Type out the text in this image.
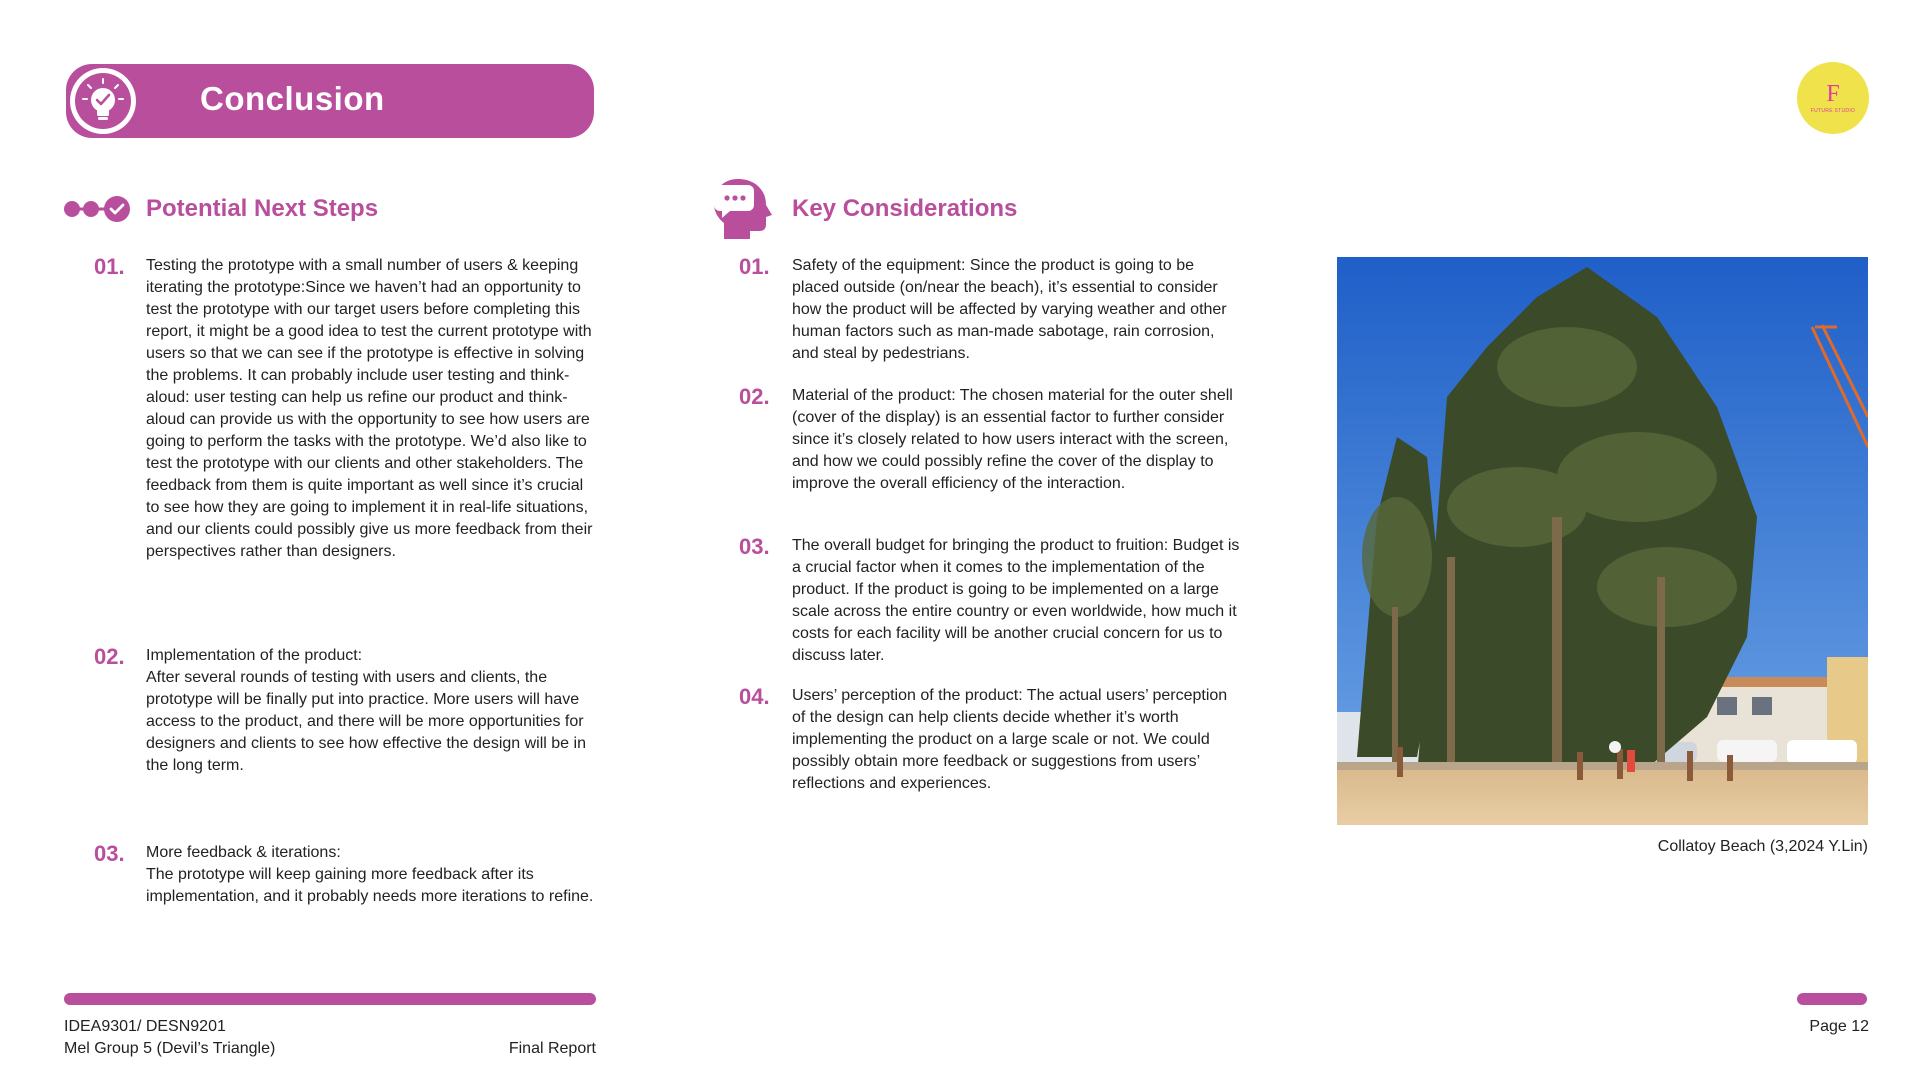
Conclusion	F
FUTURE STUDIO
Potential Next Steps
01. Testing the prototype with a small number of users & keeping iterating the prototype:Since we haven’t had an opportunity to test the prototype with our target users before completing this report, it might be a good idea to test the current prototype with users so that we can see if the prototype is effective in solving the problems. It can probably include user testing and think-aloud: user testing can help us refine our product and think-aloud can provide us with the opportunity to see how users are going to perform the tasks with the prototype. We’d also like to test the prototype with our clients and other stakeholders. The feedback from them is quite important as well since it’s crucial to see how they are going to implement it in real-life situations, and our clients could possibly give us more feedback from their perspectives rather than designers.
02. Implementation of the product:
After several rounds of testing with users and clients, the prototype will be finally put into practice. More users will have access to the product, and there will be more opportunities for designers and clients to see how effective the design will be in the long term.
03. More feedback & iterations:
The prototype will keep gaining more feedback after its implementation, and it probably needs more iterations to refine.
Key Considerations
01. Safety of the equipment: Since the product is going to be placed outside (on/near the beach), it’s essential to consider how the product will be affected by varying weather and other human factors such as man-made sabotage, rain corrosion, and steal by pedestrians.
02. Material of the product: The chosen material for the outer shell (cover of the display) is an essential factor to further consider since it’s closely related to how users interact with the screen, and how we could possibly refine the cover of the display to improve the overall efficiency of the interaction.
03. The overall budget for bringing the product to fruition: Budget is a crucial factor when it comes to the implementation of the product. If the product is going to be implemented on a large scale across the entire country or even worldwide, how much it costs for each facility will be another crucial concern for us to discuss later.
04. Users’ perception of the product: The actual users’ perception of the design can help clients decide whether it’s worth implementing the product on a large scale or not. We could possibly obtain more feedback or suggestions from users’ reflections and experiences.
Collatoy Beach (3,2024 Y.Lin)
IDEA9301/ DESN9201
Mel Group 5 (Devil’s Triangle)	Final Report
Page 12
